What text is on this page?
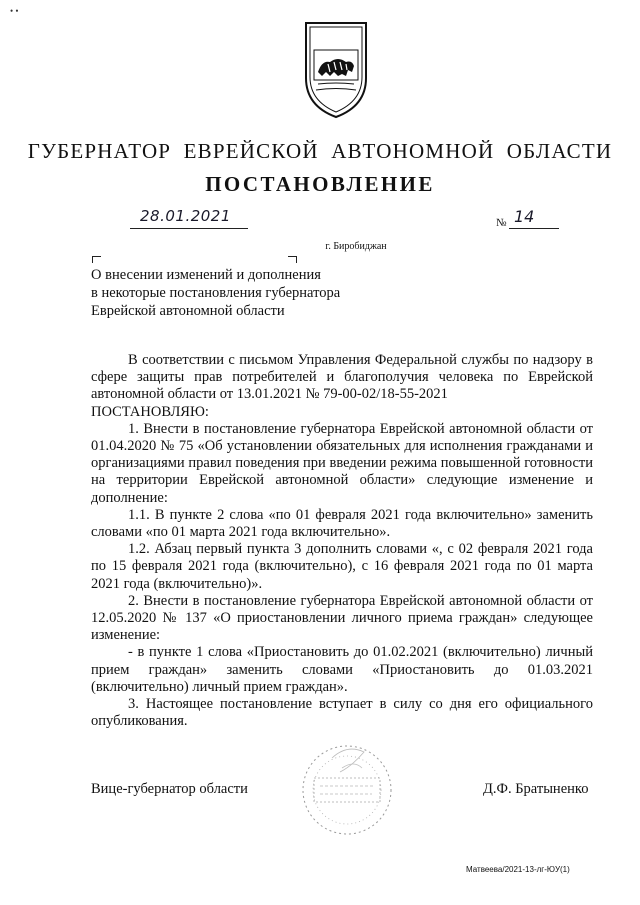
• •
ГУБЕРНАТОР ЕВРЕЙСКОЙ АВТОНОМНОЙ ОБЛАСТИ
ПОСТАНОВЛЕНИЕ
28.01.2021	№ 14
г. Биробиджан
О внесении изменений и дополнения
в некоторые постановления губернатора
Еврейской автономной области

В соответствии с письмом Управления Федеральной службы по надзору в сфере защиты прав потребителей и благополучия человека по Еврейской автономной области от 13.01.2021 № 79-00-02/18-55-2021

ПОСТАНОВЛЯЮ:

1. Внести в постановление губернатора Еврейской автономной области от 01.04.2020 № 75 «Об установлении обязательных для исполнения гражданами и организациями правил поведения при введении режима повышенной готовности на территории Еврейской автономной области» следующие изменение и дополнение:

1.1. В пункте 2 слова «по 01 февраля 2021 года включительно» заменить словами «по 01 марта 2021 года включительно».

1.2. Абзац первый пункта 3 дополнить словами «, с 02 февраля 2021 года по 15 февраля 2021 года (включительно), с 16 февраля 2021 года по 01 марта 2021 года (включительно)».

2. Внести в постановление губернатора Еврейской автономной области от 12.05.2020 № 137 «О приостановлении личного приема граждан» следующее изменение:

- в пункте 1 слова «Приостановить до 01.02.2021 (включительно) личный прием граждан» заменить словами «Приостановить до 01.03.2021 (включительно) личный прием граждан».

3. Настоящее постановление вступает в силу со дня его официального опубликования.

Вице-губернатор области	Д.Ф. Братыненко
Матвеева/2021-13-лг-ЮУ(1)
